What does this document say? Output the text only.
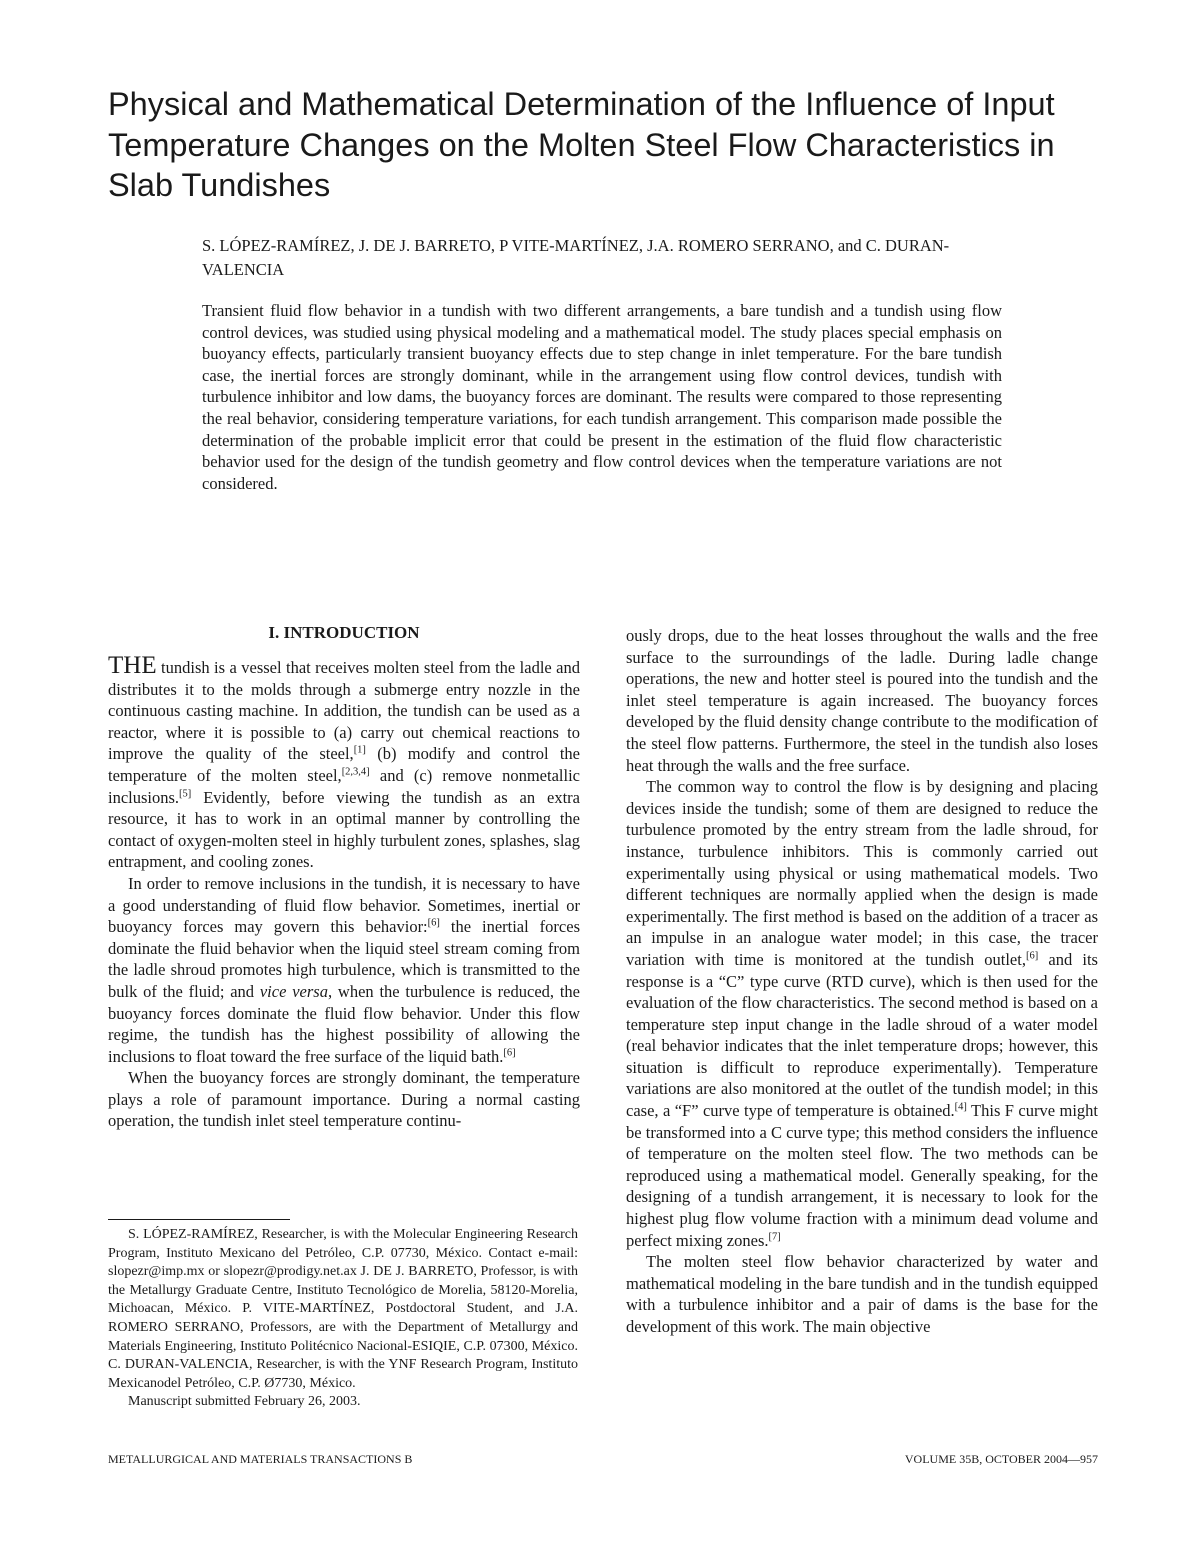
Physical and Mathematical Determination of the Influence of Input Temperature Changes on the Molten Steel Flow Characteristics in Slab Tundishes

S. LÓPEZ-RAMÍREZ, J. DE J. BARRETO, P VITE-MARTÍNEZ, J.A. ROMERO SERRANO, and C. DURAN-VALENCIA

Transient fluid flow behavior in a tundish with two different arrangements, a bare tundish and a tundish using flow control devices, was studied using physical modeling and a mathematical model. The study places special emphasis on buoyancy effects, particularly transient buoyancy effects due to step change in inlet temperature. For the bare tundish case, the inertial forces are strongly dominant, while in the arrangement using flow control devices, tundish with turbulence inhibitor and low dams, the buoyancy forces are dominant. The results were compared to those representing the real behavior, considering temperature variations, for each tundish arrangement. This comparison made possible the determination of the probable implicit error that could be present in the estimation of the fluid flow characteristic behavior used for the design of the tundish geometry and flow control devices when the temperature variations are not considered.

I. INTRODUCTION

THE tundish is a vessel that receives molten steel from the ladle and distributes it to the molds through a submerge entry nozzle in the continuous casting machine. In addition, the tundish can be used as a reactor, where it is possible to (a) carry out chemical reactions to improve the quality of the steel,[1] (b) modify and control the temperature of the molten steel,[2,3,4] and (c) remove nonmetallic inclusions.[5] Evidently, before viewing the tundish as an extra resource, it has to work in an optimal manner by controlling the contact of oxygen-molten steel in highly turbulent zones, splashes, slag entrapment, and cooling zones.

In order to remove inclusions in the tundish, it is necessary to have a good understanding of fluid flow behavior. Sometimes, inertial or buoyancy forces may govern this behavior:[6] the inertial forces dominate the fluid behavior when the liquid steel stream coming from the ladle shroud promotes high turbulence, which is transmitted to the bulk of the fluid; and vice versa, when the turbulence is reduced, the buoyancy forces dominate the fluid flow behavior. Under this flow regime, the tundish has the highest possibility of allowing the inclusions to float toward the free surface of the liquid bath.[6]

When the buoyancy forces are strongly dominant, the temperature plays a role of paramount importance. During a normal casting operation, the tundish inlet steel temperature continu-

ously drops, due to the heat losses throughout the walls and the free surface to the surroundings of the ladle. During ladle change operations, the new and hotter steel is poured into the tundish and the inlet steel temperature is again increased. The buoyancy forces developed by the fluid density change contribute to the modification of the steel flow patterns. Furthermore, the steel in the tundish also loses heat through the walls and the free surface.

The common way to control the flow is by designing and placing devices inside the tundish; some of them are designed to reduce the turbulence promoted by the entry stream from the ladle shroud, for instance, turbulence inhibitors. This is commonly carried out experimentally using physical or using mathematical models. Two different techniques are normally applied when the design is made experimentally. The first method is based on the addition of a tracer as an impulse in an analogue water model; in this case, the tracer variation with time is monitored at the tundish outlet,[6] and its response is a “C” type curve (RTD curve), which is then used for the evaluation of the flow characteristics. The second method is based on a temperature step input change in the ladle shroud of a water model (real behavior indicates that the inlet temperature drops; however, this situation is difficult to reproduce experimentally). Temperature variations are also monitored at the outlet of the tundish model; in this case, a “F” curve type of temperature is obtained.[4] This F curve might be transformed into a C curve type; this method considers the influence of temperature on the molten steel flow. The two methods can be reproduced using a mathematical model. Generally speaking, for the designing of a tundish arrangement, it is necessary to look for the highest plug flow volume fraction with a minimum dead volume and perfect mixing zones.[7]

The molten steel flow behavior characterized by water and mathematical modeling in the bare tundish and in the tundish equipped with a turbulence inhibitor and a pair of dams is the base for the development of this work. The main objective

S. LÓPEZ-RAMÍREZ, Researcher, is with the Molecular Engineering Research Program, Instituto Mexicano del Petróleo, C.P. 07730, México. Contact e-mail: slopezr@imp.mx or slopezr@prodigy.net.ax J. DE J. BARRETO, Professor, is with the Metallurgy Graduate Centre, Instituto Tecnológico de Morelia, 58120-Morelia, Michoacan, México. P. VITE-MARTÍNEZ, Postdoctoral Student, and J.A. ROMERO SERRANO, Professors, are with the Department of Metallurgy and Materials Engineering, Instituto Politécnico Nacional-ESIQIE, C.P. 07300, México. C. DURAN-VALENCIA, Researcher, is with the YNF Research Program, Instituto Mexicanodel Petróleo, C.P. Ø7730, México.

Manuscript submitted February 26, 2003.

METALLURGICAL AND MATERIALS TRANSACTIONS B	VOLUME 35B, OCTOBER 2004—957
